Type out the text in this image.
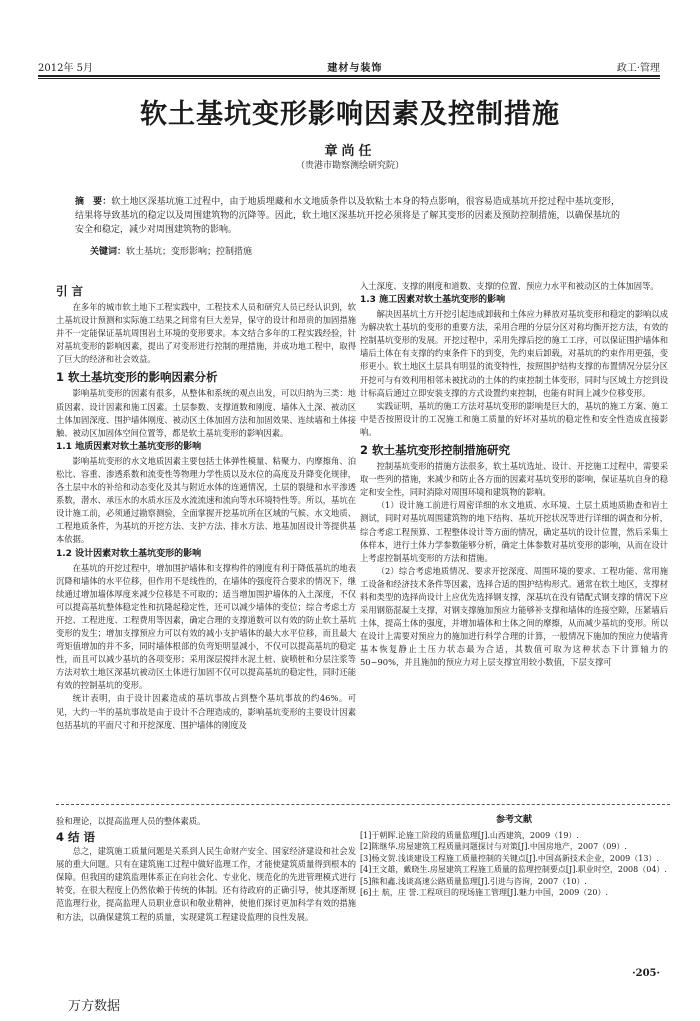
2012年 5月	建材与装饰	政工·管理
软土基坑变形影响因素及控制措施
章尚任
（贵港市勘察测绘研究院）
摘　要：软土地区深基坑施工过程中，由于地质埋藏和水文地质条件以及软粘土本身的特点影响，很容易造成基坑开挖过程中基坑变形，结果将导致基坑的稳定以及周围建筑物的沉降等。因此，软土地区深基坑开挖必须将是了解其变形的因素及预防控制措施，以确保基坑的安全和稳定，减少对周围建筑物的影响。
关键词：软土基坑；变形影响；控制措施
引 言

在多年的城市软土地下工程实践中，工程技术人员和研究人员已经认识到，软土基坑设计预测和实际施工结果之间常有巨大差异，保守的设计和昂贵的加固措施并不一定能保证基坑周围岩土环境的变形要求。本文结合多年的工程实践经验，针对基坑变形的影响因素，提出了对变形进行控制的理措施，并成功地工程中，取得了巨大的经济和社会效益。

1 软土基坑变形的影响因素分析

影响基坑变形的因素有很多，从整体和系统的观点出发，可以归纳为三类：地质因素、设计因素和施工因素。土层参数、支撑道数和刚度、墙体入土深、被动区土体加固深度、围护墙体刚度、被动区土体加固方法和加固效果、连续墙和土体接触、被动区加固体空间位置等，都是软土基坑变形的影响因素。

1.1 地质因素对软土基坑变形的影响

影响基坑变形的水文地质因素主要包括土体弹性模量、粘聚力、内摩擦角、泊松比、容重、渗透系数和流变性等物理力学性质以及水位的高度及升降变化规律，各土层中水的补给和动态变化及其与附近水体的连通情况，土层的裂缝和水平渗透系数，潜水、承压水的水质水压及水流流速和流向等水环境特性等。所以，基坑在设计施工前，必须通过勘察测验，全面掌握开挖基坑所在区域的气候、水文地质、工程地质条件，为基坑的开挖方法、支护方法、排水方法、地基加固设计等提供基本依据。

1.2 设计因素对软土基坑变形的影响

在基坑的开挖过程中，增加围护墙体和支撑构件的刚度有利于降低基坑的地表沉降和墙体的水平位移，但作用不是线性的，在墙体的强度符合要求的情况下，继续通过增加墙体厚度来减少位移是不可取的；适当增加围护墙体的入土深度，不仅可以提高基坑整体稳定性和抗隆起稳定性，还可以减少墙体的变位；综合考虑土方开挖、工程进度、工程费用等因素，确定合理的支撑道数可以有效的防止软土基坑变形的发生；增加支撑预应力可以有效的减小支护墙体的最大水平位移，而且最大弯矩值增加的并不多，同时墙体根部的负弯矩明显减小，不仅可以提高基坑的稳定性，而且可以减少基坑的各项变形；采用深层搅拌水泥土桩、旋喷桩和分层注浆等方法对软土地区深基坑被动区土体进行加固不仅可以提高基坑的稳定性，同时还能有效的控制基坑的变形。

统计表明，由于设计因素造成的基坑事故占到整个基坑事故的约46%。可见，大约一半的基坑事故是由于设计不合理造成的，影响基坑变形的主要设计因素包括基坑的平面尺寸和开挖深度、围护墙体的刚度及

入土深度、支撑的刚度和道数、支撑的位置、预应力水平和被动区的土体加固等。

1.3 施工因素对软土基坑变形的影响

解决因基坑土方开挖引起违成卸载和土体应力释放对基坑变形和稳定的影响以成为解决软土基坑的变形的重要方法，采用合理的分层分区对称均衡开挖方法，有效的控制基坑变形的发展。开挖过程中，采用先撑后挖的施工工序，可以保证围护墙体和墙后土体在有支撑的约束条件下的到变，先约束后卸载，对基坑的约束作用更强，变形更小。软土地区土层具有明显的流变特性，按照围护结构支撑的布置情况分层分区开挖可与有效利用相邻未被扰动的土体的约束控制土体变形，同时与区域土方挖到设计标高后通过立即安装支撑的方式设置约束控制，也能有时间上减少位移变形。

实践证明，基坑的施工方法对基坑变形的影响是巨大的，基坑的施工方案、施工中是否按照设计的工况施工和施工质量的好坏对基坑的稳定性和安全性造成直接影响。

2 软土基坑变形控制措施研究

控制基坑变形的措施方法很多，软土基坑选址、设计、开挖施工过程中，需要采取一些列的措施，来减少和防止各方面的因素对基坑变形的影响，保证基坑自身的稳定和安全性，同时消除对周围环境和建筑物的影响。

（1）设计施工前进行周密详细的水文地质、水环境、土层土质地质勘查和岩土测试，同时对基坑周围建筑物的地下结构、基坑开挖状况等进行详细的调查和分析，综合考虑工程预算、工程整体设计等方面的情况，确定基坑的设计位置，然后采集土体样本，进行土体力学参数能够分析，确定土体参数对基坑变形的影响，从而在设计上考虑控制基坑变形的方法和措施。

（2）综合考虑地质情况、要求开挖深度、周围环境的要求、工程功能、常用施工设备和经济技术条件等因素，选择合适的围护结构形式。通常在软土地区，支撑材料和类型的选择尚设计上应优先选择钢支撑，深基坑在没有错配式钢支撑的情况下应采用钢筋混凝土支撑，对钢支撑施加预应力能够补支撑和墙体的连接空隙，压紧墙后土体，提高土体的强度，并增加墙体和土体之间的摩擦，从而减少基坑的变形。所以在设计上需要对预应力的施加进行科学合理的计算，一般情况下施加的预应力使墙背基本恢复静止土压力状态最为合适，其数值可取为这种状态下计算轴力的50~90%，并且施加的预应力对上层支撑宜用较小数值，下层支撑可

验和理论，以提高监理人员的整体素质。

4 结 语

总之，建筑施工质量问题是关系到人民生命财产安全、国家经济建设和社会发展的重大问题。只有在建筑施工过程中做好监理工作，才能使建筑质量得到根本的保障。但我国的建筑监理体系正在向社会化、专业化、规范化的先进管理模式进行转变，在很大程度上仍然依赖于传统的体制。还有待政府的正确引导，使其逐渐规范监理行业，提高监理人员职业意识和敬业精神，使他们探讨更加科学有效的措施和方法，以确保建筑工程的质量，实现建筑工程建设监理的良性发展。

参考文献
[1]于朝晖.论施工阶段的质量监理[J].山西建筑，2009（19）.
[2]陈继华.房屋建筑工程质量问题探讨与对策[J].中国房地产，2007（09）.
[3]杨文贺.浅谈建设工程施工质量控制的关键点[J].中国高新技术企业，2009（13）.
[4]王文雄，戴晓生.房屋建筑工程施工质量的监理控制要点[J].职业时空，2008（04）.
[5]熊和鑫.浅谈高速公路质量监理[J].引进与咨询，2007（10）.
[6]土 航，庄 誉.工程项目的现场施工管理[J].魅力中国，2009（20）.
·205·
万方数据
